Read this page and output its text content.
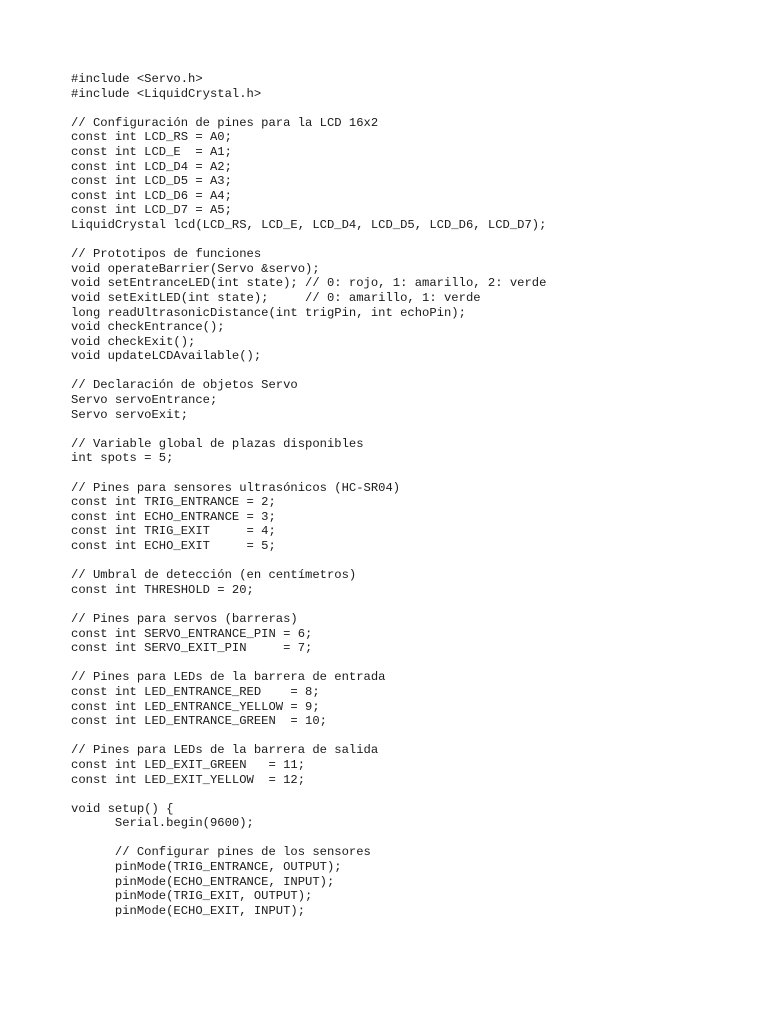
#include <Servo.h>
#include <LiquidCrystal.h>
// Configuración de pines para la LCD 16x2
const int LCD_RS = A0;
const int LCD_E  = A1;
const int LCD_D4 = A2;
const int LCD_D5 = A3;
const int LCD_D6 = A4;
const int LCD_D7 = A5;
LiquidCrystal lcd(LCD_RS, LCD_E, LCD_D4, LCD_D5, LCD_D6, LCD_D7);
// Prototipos de funciones
void operateBarrier(Servo &servo);
void setEntranceLED(int state); // 0: rojo, 1: amarillo, 2: verde
void setExitLED(int state);     // 0: amarillo, 1: verde
long readUltrasonicDistance(int trigPin, int echoPin);
void checkEntrance();
void checkExit();
void updateLCDAvailable();
// Declaración de objetos Servo
Servo servoEntrance;
Servo servoExit;
// Variable global de plazas disponibles
int spots = 5;
// Pines para sensores ultrasónicos (HC-SR04)
const int TRIG_ENTRANCE = 2;
const int ECHO_ENTRANCE = 3;
const int TRIG_EXIT     = 4;
const int ECHO_EXIT     = 5;
// Umbral de detección (en centímetros)
const int THRESHOLD = 20;
// Pines para servos (barreras)
const int SERVO_ENTRANCE_PIN = 6;
const int SERVO_EXIT_PIN     = 7;
// Pines para LEDs de la barrera de entrada
const int LED_ENTRANCE_RED    = 8;
const int LED_ENTRANCE_YELLOW = 9;
const int LED_ENTRANCE_GREEN  = 10;
// Pines para LEDs de la barrera de salida
const int LED_EXIT_GREEN   = 11;
const int LED_EXIT_YELLOW  = 12;
void setup() {
Serial.begin(9600);
// Configurar pines de los sensores
pinMode(TRIG_ENTRANCE, OUTPUT);
pinMode(ECHO_ENTRANCE, INPUT);
pinMode(TRIG_EXIT, OUTPUT);
pinMode(ECHO_EXIT, INPUT);
